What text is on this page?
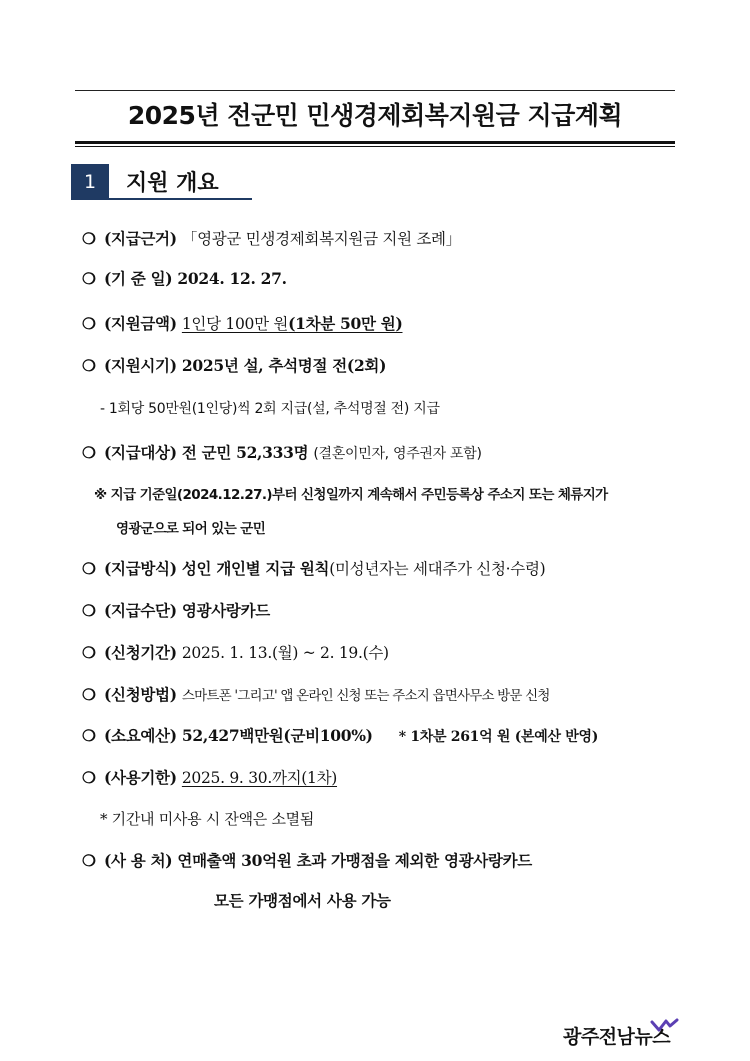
2025년 전군민 민생경제회복지원금 지급계획
1	지원 개요
❍ (지급근거) 「영광군 민생경제회복지원금 지원 조례」
❍ (기 준 일) 2024. 12. 27.
❍ (지원금액) 1인당 100만 원(1차분 50만 원)
❍ (지원시기) 2025년 설, 추석명절 전(2회)
- 1회당 50만원(1인당)씩 2회 지급(설, 추석명절 전) 지급
❍ (지급대상) 전 군민 52,333명 (결혼이민자, 영주권자 포함)
※ 지급 기준일(2024.12.27.)부터 신청일까지 계속해서 주민등록상 주소지 또는 체류지가
영광군으로 되어 있는 군민
❍ (지급방식) 성인 개인별 지급 원칙(미성년자는 세대주가 신청·수령)
❍ (지급수단) 영광사랑카드
❍ (신청기간) 2025. 1. 13.(월) ~ 2. 19.(수)
❍ (신청방법) 스마트폰 '그리고' 앱 온라인 신청 또는 주소지 읍면사무소 방문 신청
❍ (소요예산) 52,427백만원(군비100%) * 1차분 261억 원 (본예산 반영)
❍ (사용기한) 2025. 9. 30.까지(1차)
* 기간내 미사용 시 잔액은 소멸됨
❍ (사 용 처) 연매출액 30억원 초과 가맹점을 제외한 영광사랑카드
모든 가맹점에서 사용 가능
광주전남뉴스
